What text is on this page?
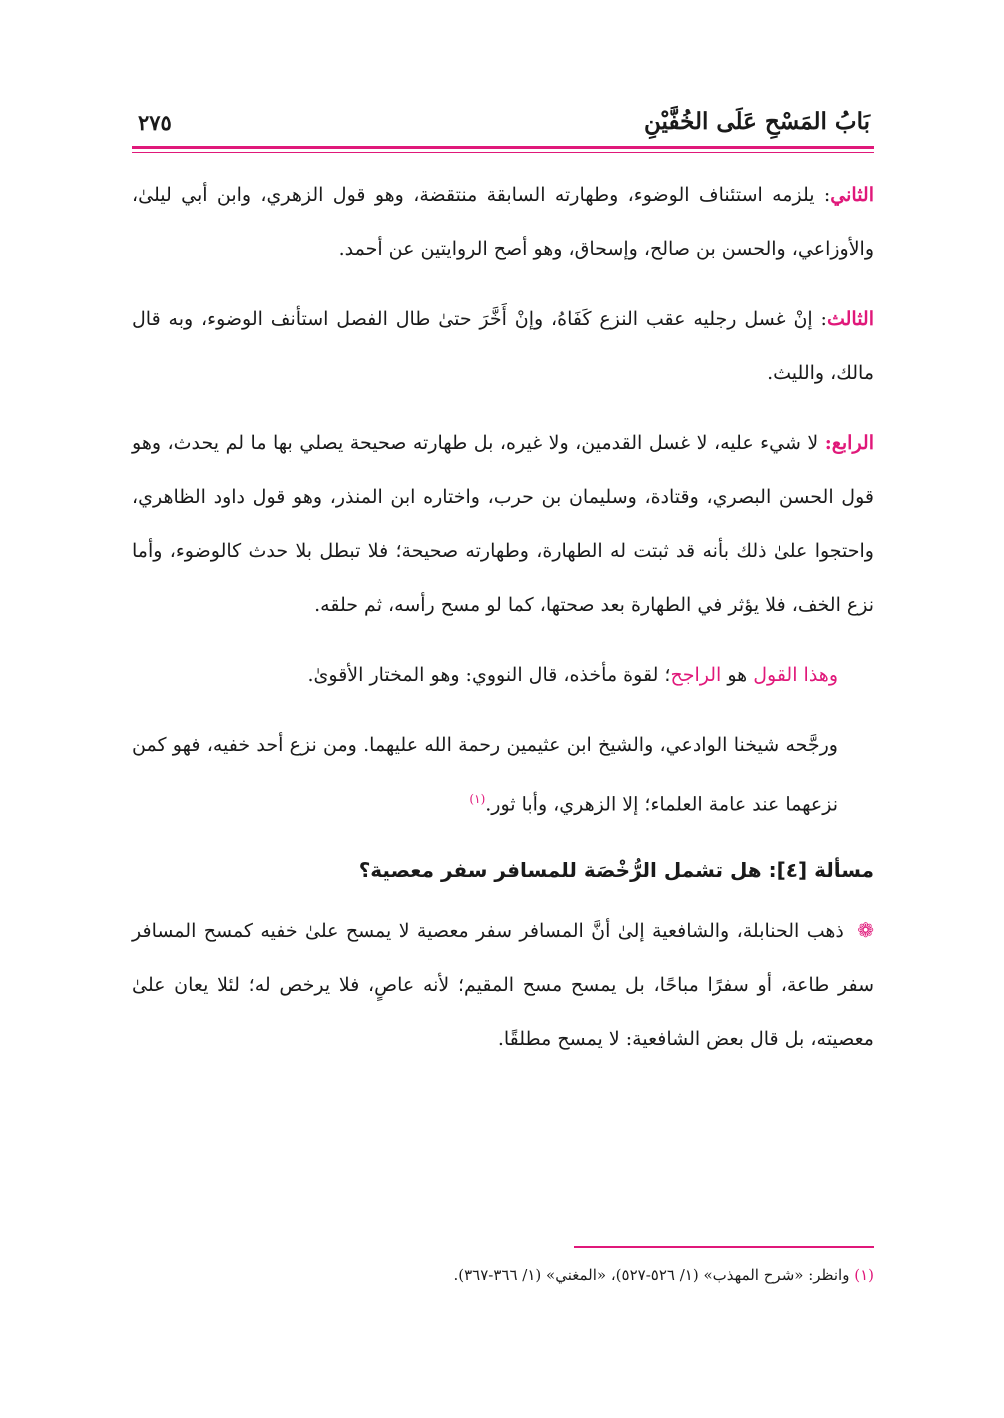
بَابُ المَسْحِ عَلَى الخُفَّيْنِ
٢٧٥

الثاني: يلزمه استئناف الوضوء، وطهارته السابقة منتقضة، وهو قول الزهري، وابن أبي ليلىٰ، والأوزاعي، والحسن بن صالح، وإسحاق، وهو أصح الروايتين عن أحمد.

الثالث: إنْ غسل رجليه عقب النزع كَفَاهُ، وإنْ أَخَّرَ حتىٰ طال الفصل استأنف الوضوء، وبه قال مالك، والليث.

الرابع: لا شيء عليه، لا غسل القدمين، ولا غيره، بل طهارته صحيحة يصلي بها ما لم يحدث، وهو قول الحسن البصري، وقتادة، وسليمان بن حرب، واختاره ابن المنذر، وهو قول داود الظاهري، واحتجوا علىٰ ذلك بأنه قد ثبتت له الطهارة، وطهارته صحيحة؛ فلا تبطل بلا حدث كالوضوء، وأما نزع الخف، فلا يؤثر في الطهارة بعد صحتها، كما لو مسح رأسه، ثم حلقه.

وهذا القول هو الراجح؛ لقوة مأخذه، قال النووي: وهو المختار الأقوىٰ.

ورجَّحه شيخنا الوادعي، والشيخ ابن عثيمين رحمة الله عليهما. ومن نزع أحد خفيه، فهو كمن نزعهما عند عامة العلماء؛ إلا الزهري، وأبا ثور.$^{(١)}$

مسألة [٤]: هل تشمل الرُّخْصَة للمسافر سفر معصية؟

❁ ذهب الحنابلة، والشافعية إلىٰ أنَّ المسافر سفر معصية لا يمسح علىٰ خفيه كمسح المسافر سفر طاعة، أو سفرًا مباحًا، بل يمسح مسح المقيم؛ لأنه عاصٍ، فلا يرخص له؛ لئلا يعان علىٰ معصيته، بل قال بعض الشافعية: لا يمسح مطلقًا.

(١) وانظر: «شرح المهذب» (١/ ٥٢٦-٥٢٧)، «المغني» (١/ ٣٦٦-٣٦٧).
